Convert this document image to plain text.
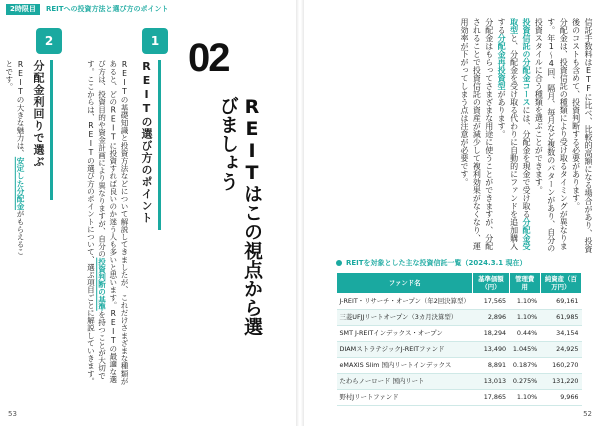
2時限目	REITへの投資方法と選び方のポイント
1
REITの選び方のポイント
REITの基礎知識と投資方法などについて解説してきましたが、これだけさまざまな種類があると、どのREITに投資すれば良いのか迷う人も多いと思います。REITの最適な選び方は、投資目的や資金計画により異なりますが、自分の投資判断の基準を持つことが大切です。ここからは、REITの選び方のポイントについて、選ぶ項目ごとに解説していきます。
2
分配金利回りで選ぶ
REITの大きな魅力は、安定した分配金がもらえることです。	02
REITはこの視点から選びましょう
53	52
信託手数料はETFに比べ、比較的高額になる場合があり、投資後のコストも含めて、投資判断する必要があります。
分配金は、投資信託の種類により受け取るタイミングが異なります。年1〜4回、隔月、毎月など複数のパターンがあり、自分の投資スタイルに合う種類を選ぶことができます。
投資信託の分配金コースには、分配金を現金で受け取る分配金受取型と、分配金を受け取る代わりに自動的にファンドを追加購入する分配金再投資型があります。
分配金はもらってさまざまな用途に使うことができますが、分配されることで投資信託の資産が減少して複利効果がなくなり、運用効率が下がってしまう点は注意が必要です。
REITを対象とした主な投資信託一覧（2024.3.1 現在）
ファンド名	基準価額（円）	管理費用	純資産（百万円）
J-REIT・リサーチ・オープン（年2回決算型）	17,565	1.10%	69,161
三菱UFJJリートオープン（3カ月決算型）	2,896	1.10%	61,985
SMT J-REITインデックス・オープン	18,294	0.44%	34,154
DIAMストラテジックJ-REITファンド	13,490	1.045%	24,925
eMAXIS Slim 国内リートインデックス	8,891	0.187%	160,270
たわらノーロード 国内リート	13,013	0.275%	131,220
野村Jリートファンド	17,865	1.10%	9,966
